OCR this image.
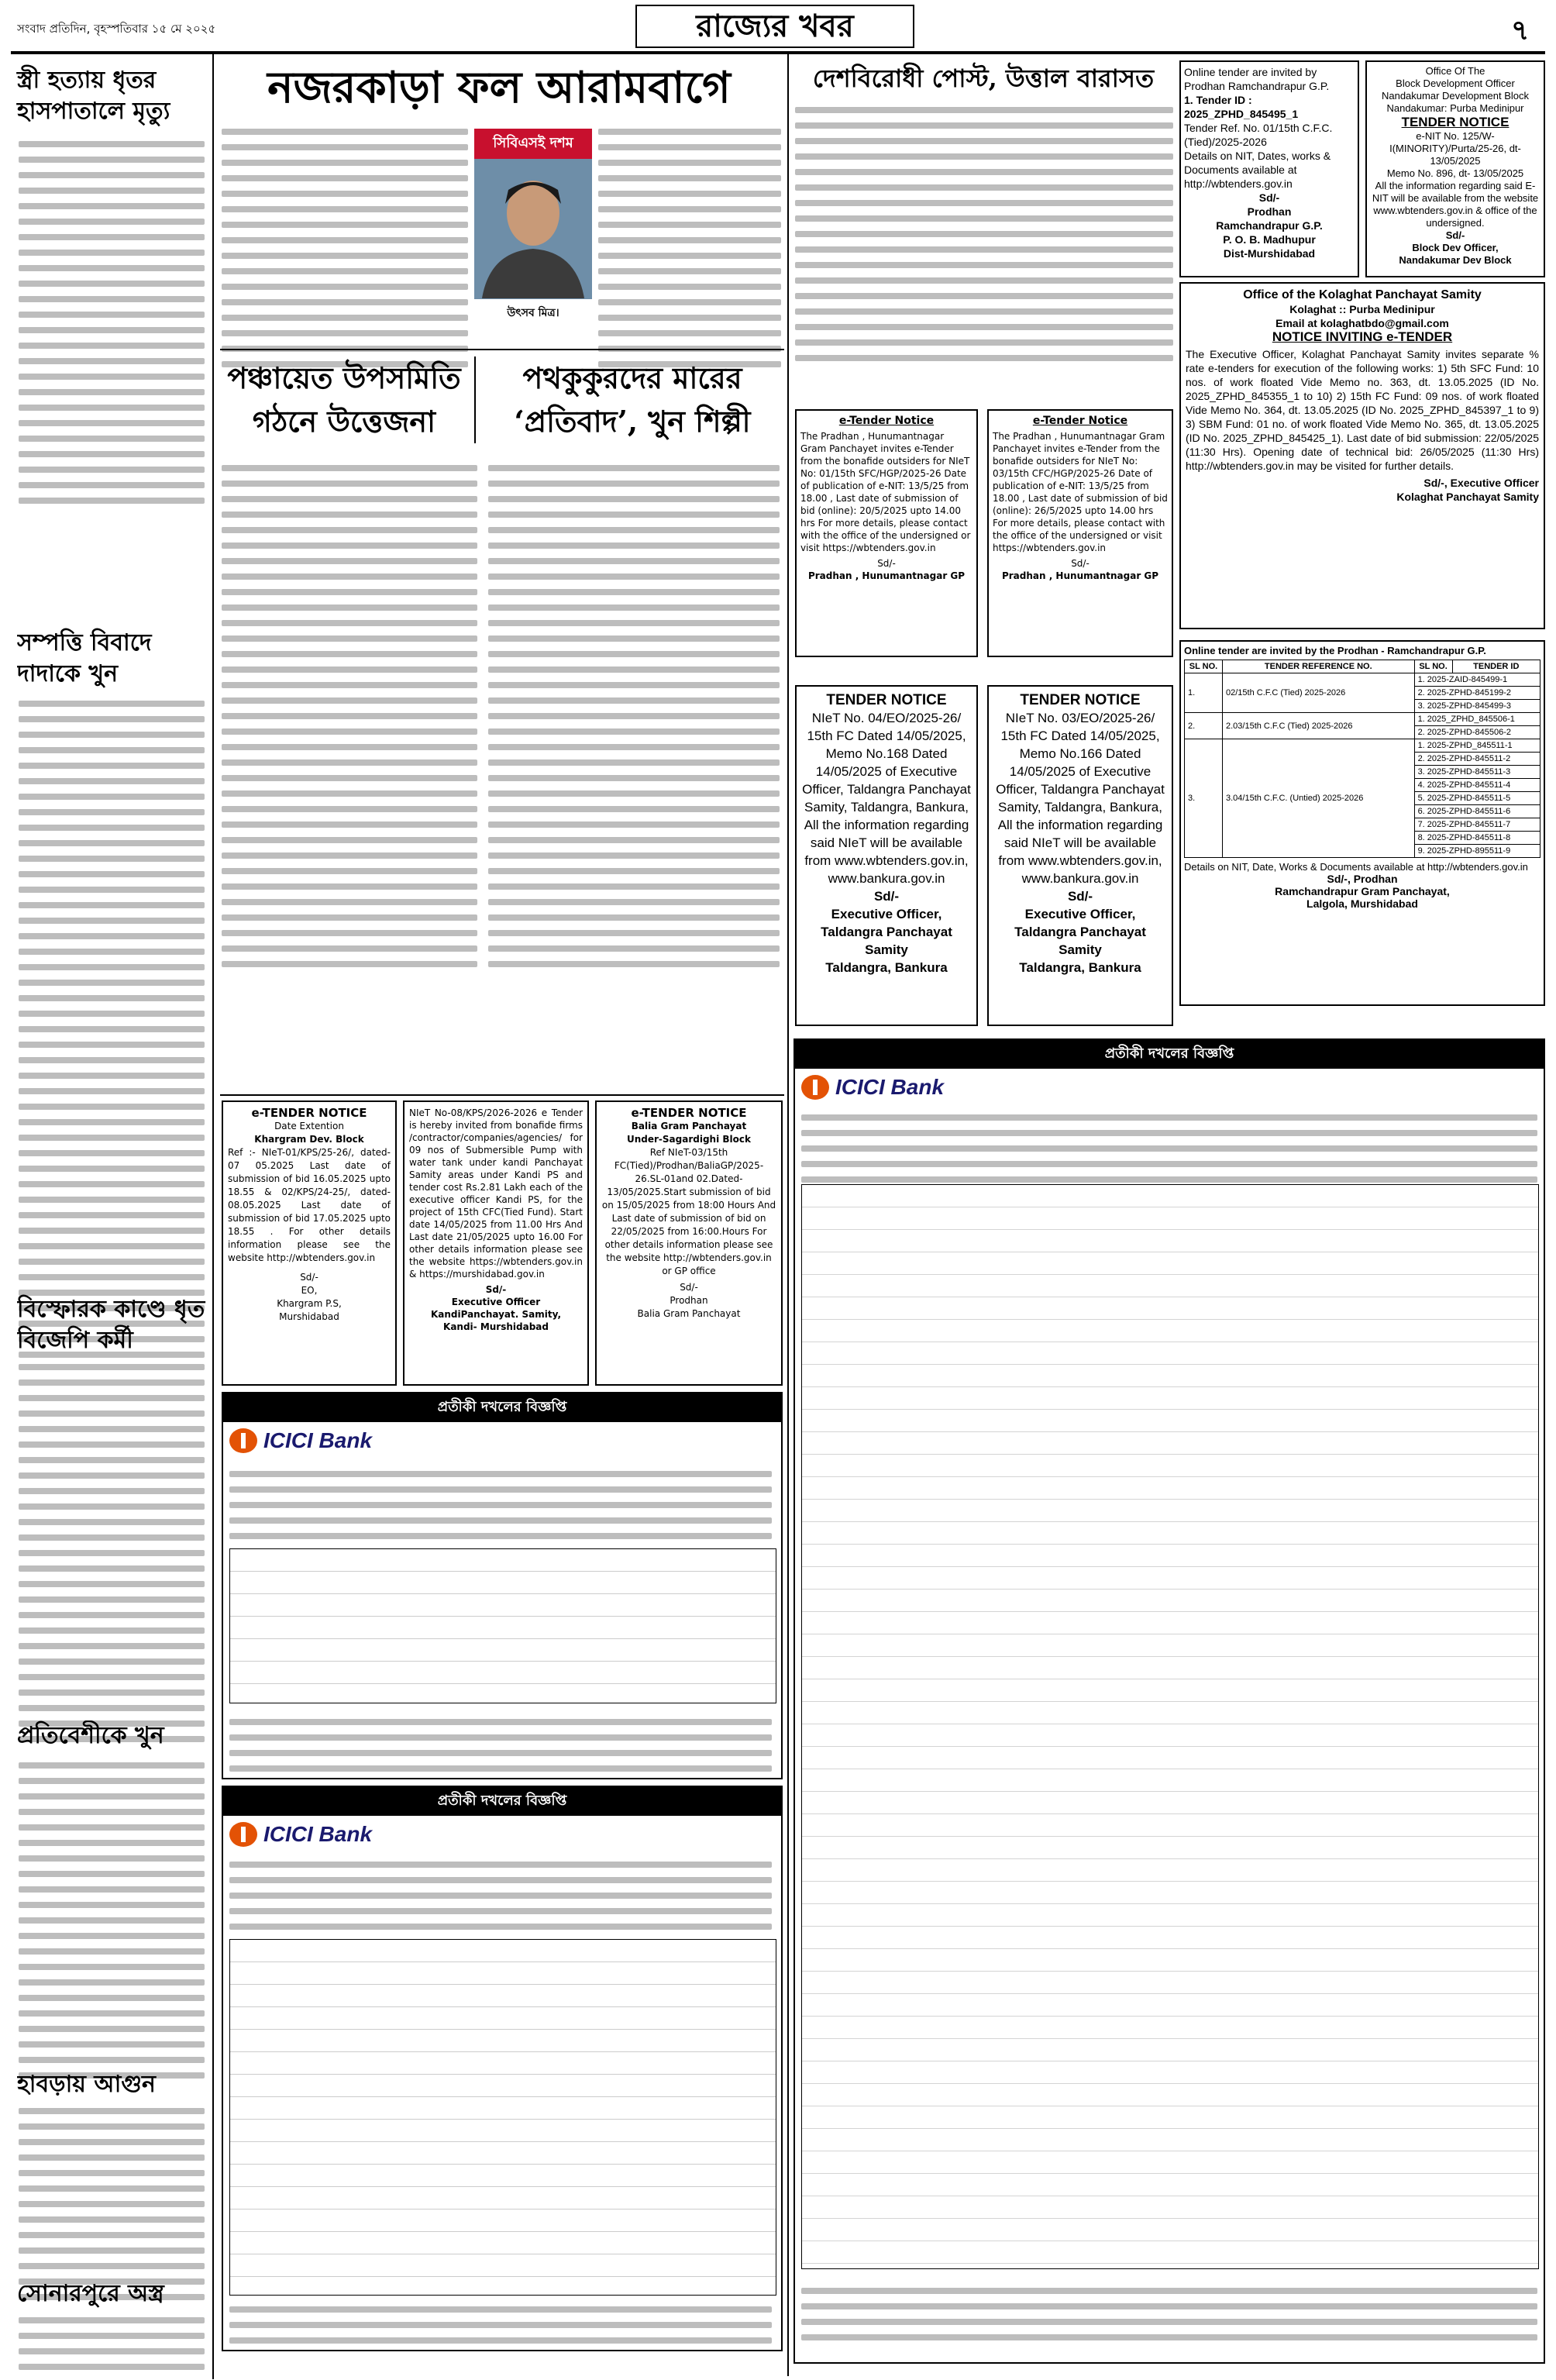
সংবাদ প্রতিদিন, বৃহস্পতিবার ১৫ মে ২০২৫	রাজ্যের খবর	৭
স্ত্রী হত্যায় ধৃতর হাসপাতালে মৃত্যু
সম্পত্তি বিবাদে দাদাকে খুন
বিস্ফোরক কাণ্ডে ধৃত বিজেপি কর্মী
প্রতিবেশীকে খুন
হাবড়ায় আগুন
সোনারপুরে অস্ত্র
নজরকাড়া ফল আরামবাগে
সিবিএসই দশম
উৎসব মিত্র।
পঞ্চায়েত উপসমিতি গঠনে উত্তেজনা
পথকুকুরদের মারের ‘প্রতিবাদ’, খুন শিল্পী
e-TENDER NOTICE
Date Extention
Khargram Dev. Block
Ref :- NIeT-01/KPS/25-26/, dated-07 05.2025 Last date of submission of bid 16.05.2025 upto 18.55 & 02/KPS/24-25/, dated-08.05.2025 Last date of submission of bid 17.05.2025 upto 18.55 . For other details information please see the website http://wbtenders.gov.in
Sd/-
EO,
Khargram P.S,
Murshidabad
NIeT No-08/KPS/2026-2026 e Tender is hereby invited from bonafide firms /contractor/companies/agencies/ for 09 nos of Submersible Pump with water tank under kandi Panchayat Samity areas under Kandi PS and tender cost Rs.2.81 Lakh each of the executive officer Kandi PS, for the project of 15th CFC(Tied Fund). Start date 14/05/2025 from 11.00 Hrs And Last date 21/05/2025 upto 16.00 For other details information please see the website https://wbtenders.gov.in & https://murshidabad.gov.in
Sd/-
Executive Officer
KandiPanchayat. Samity,
Kandi- Murshidabad
e-TENDER NOTICE
Balia Gram Panchayat
Under-Sagardighi Block
Ref NIeT-03/15th FC(Tied)/Prodhan/BaliaGP/2025-26.SL-01and 02.Dated- 13/05/2025.Start submission of bid on 15/05/2025 from 18:00 Hours And Last date of submission of bid on 22/05/2025 from 16:00.Hours For other details information please see the website http://wbtenders.gov.in or GP office
Sd/-
Prodhan
Balia Gram Panchayat
প্রতীকী দখলের বিজ্ঞপ্তি
ICICI Bank
প্রতীকী দখলের বিজ্ঞপ্তি
ICICI Bank
দেশবিরোধী পোস্ট, উত্তাল বারাসত
e-Tender Notice
The Pradhan , Hunumantnagar Gram Panchayet invites e-Tender from the bonafide outsiders for NIeT No: 01/15th SFC/HGP/2025-26 Date of publication of e-NIT: 13/5/25 from 18.00 , Last date of submission of bid (online): 20/5/2025 upto 14.00 hrs For more details, please contact with the office of the undersigned or visit https://wbtenders.gov.in
Sd/-
Pradhan , Hunumantnagar GP
e-Tender Notice
The Pradhan , Hunumantnagar Gram Panchayet invites e-Tender from the bonafide outsiders for NIeT No: 03/15th CFC/HGP/2025-26 Date of publication of e-NIT: 13/5/25 from 18.00 , Last date of submission of bid (online): 26/5/2025 upto 14.00 hrs For more details, please contact with the office of the undersigned or visit https://wbtenders.gov.in
Sd/-
Pradhan , Hunumantnagar GP
TENDER NOTICE
NIeT No. 04/EO/2025-26/ 15th FC Dated 14/05/2025, Memo No.168 Dated 14/05/2025 of Executive Officer, Taldangra Panchayat Samity, Taldangra, Bankura, All the information regarding said NIeT will be available from www.wbtenders.gov.in, www.bankura.gov.in
Sd/-
Executive Officer,
Taldangra Panchayat Samity
Taldangra, Bankura
TENDER NOTICE
NIeT No. 03/EO/2025-26/ 15th FC Dated 14/05/2025, Memo No.166 Dated 14/05/2025 of Executive Officer, Taldangra Panchayat Samity, Taldangra, Bankura, All the information regarding said NIeT will be available from www.wbtenders.gov.in, www.bankura.gov.in
Sd/-
Executive Officer,
Taldangra Panchayat Samity
Taldangra, Bankura
Online tender are invited by
Prodhan Ramchandrapur G.P.
1. Tender ID : 2025_ZPHD_845495_1
Tender Ref. No. 01/15th C.F.C. (Tied)/2025-2026
Details on NIT, Dates, works & Documents available at http://wbtenders.gov.in
Sd/-
Prodhan
Ramchandrapur G.P.
P. O. B. Madhupur
Dist-Murshidabad
Office Of The
Block Development Officer
Nandakumar Development Block
Nandakumar: Purba Medinipur
TENDER NOTICE
e-NIT No. 125/W-I(MINORITY)/Purta/25-26, dt-13/05/2025
Memo No. 896, dt- 13/05/2025
All the information regarding said E-NIT will be available from the website www.wbtenders.gov.in & office of the undersigned.
Sd/-
Block Dev Officer,
Nandakumar Dev Block
Office of the Kolaghat Panchayat Samity
Kolaghat :: Purba Medinipur
Email at kolaghatbdo@gmail.com
NOTICE INVITING e-TENDER
The Executive Officer, Kolaghat Panchayat Samity invites separate % rate e-tenders for execution of the following works: 1) 5th SFC Fund: 10 nos. of work floated Vide Memo no. 363, dt. 13.05.2025 (ID No. 2025_ZPHD_845355_1 to 10) 2) 15th FC Fund: 09 nos. of work floated Vide Memo No. 364, dt. 13.05.2025 (ID No. 2025_ZPHD_845397_1 to 9) 3) SBM Fund: 01 no. of work floated Vide Memo No. 365, dt. 13.05.2025 (ID No. 2025_ZPHD_845425_1). Last date of bid submission: 22/05/2025 (11:30 Hrs). Opening date of technical bid: 26/05/2025 (11:30 Hrs) http://wbtenders.gov.in may be visited for further details.
Sd/-, Executive Officer
Kolaghat Panchayat Samity
Online tender are invited by the Prodhan - Ramchandrapur G.P.
SL NO.	TENDER REFERENCE NO.	SL NO.	TENDER ID
1.	02/15th C.F.C (Tied) 2025-2026	1. 2025-ZAID-845499-1	
		2. 2025-ZPHD-845199-2	
		3. 2025-ZPHD-845499-3	
2.	2.03/15th C.F.C (Tied) 2025-2026	1. 2025_ZPHD_845506-1	
		2. 2025-ZPHD-845506-2	
3.	3.04/15th C.F.C. (Untied) 2025-2026	1. 2025-ZPHD_845511-1	
		2. 2025-ZPHD-845511-2	
		3. 2025-ZPHD-845511-3	
		4. 2025-ZPHD-845511-4	
		5. 2025-ZPHD-845511-5	
		6. 2025-ZPHD-845511-6	
		7. 2025-ZPHD-845511-7	
		8. 2025-ZPHD-845511-8	
		9. 2025-ZPHD-895511-9	
Details on NIT, Date, Works & Documents available at http://wbtenders.gov.in
Sd/-, Prodhan
Ramchandrapur Gram Panchayat,
Lalgola, Murshidabad
প্রতীকী দখলের বিজ্ঞপ্তি
ICICI Bank
